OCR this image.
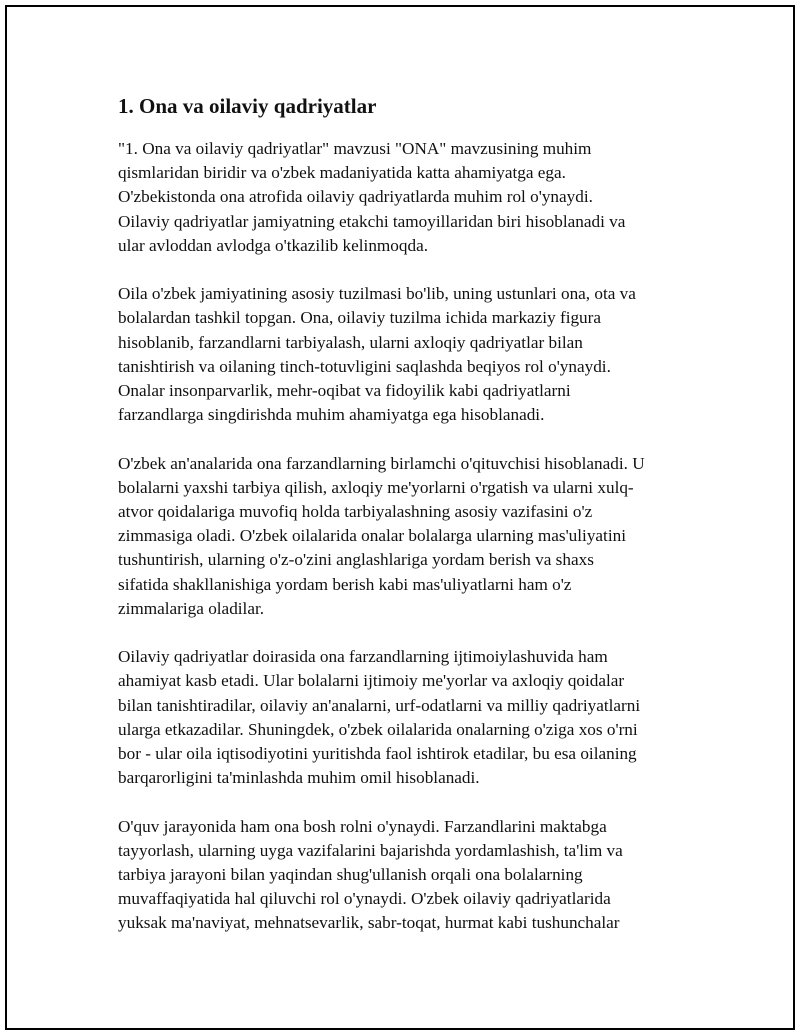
1. Ona va oilaviy qadriyatlar

"1. Ona va oilaviy qadriyatlar" mavzusi "ONA" mavzusining muhim
qismlaridan biridir va o'zbek madaniyatida katta ahamiyatga ega.
O'zbekistonda ona atrofida oilaviy qadriyatlarda muhim rol o'ynaydi.
Oilaviy qadriyatlar jamiyatning etakchi tamoyillaridan biri hisoblanadi va
ular avloddan avlodga o'tkazilib kelinmoqda.

Oila o'zbek jamiyatining asosiy tuzilmasi bo'lib, uning ustunlari ona, ota va
bolalardan tashkil topgan. Ona, oilaviy tuzilma ichida markaziy figura
hisoblanib, farzandlarni tarbiyalash, ularni axloqiy qadriyatlar bilan
tanishtirish va oilaning tinch-totuvligini saqlashda beqiyos rol o'ynaydi.
Onalar insonparvarlik, mehr-oqibat va fidoyilik kabi qadriyatlarni
farzandlarga singdirishda muhim ahamiyatga ega hisoblanadi.

O'zbek an'analarida ona farzandlarning birlamchi o'qituvchisi hisoblanadi. U
bolalarni yaxshi tarbiya qilish, axloqiy me'yorlarni o'rgatish va ularni xulq-
atvor qoidalariga muvofiq holda tarbiyalashning asosiy vazifasini o'z
zimmasiga oladi. O'zbek oilalarida onalar bolalarga ularning mas'uliyatini
tushuntirish, ularning o'z-o'zini anglashlariga yordam berish va shaxs
sifatida shakllanishiga yordam berish kabi mas'uliyatlarni ham o'z
zimmalariga oladilar.

Oilaviy qadriyatlar doirasida ona farzandlarning ijtimoiylashuvida ham
ahamiyat kasb etadi. Ular bolalarni ijtimoiy me'yorlar va axloqiy qoidalar
bilan tanishtiradilar, oilaviy an'analarni, urf-odatlarni va milliy qadriyatlarni
ularga etkazadilar. Shuningdek, o'zbek oilalarida onalarning o'ziga xos o'rni
bor - ular oila iqtisodiyotini yuritishda faol ishtirok etadilar, bu esa oilaning
barqarorligini ta'minlashda muhim omil hisoblanadi.

O'quv jarayonida ham ona bosh rolni o'ynaydi. Farzandlarini maktabga
tayyorlash, ularning uyga vazifalarini bajarishda yordamlashish, ta'lim va
tarbiya jarayoni bilan yaqindan shug'ullanish orqali ona bolalarning
muvaffaqiyatida hal qiluvchi rol o'ynaydi. O'zbek oilaviy qadriyatlarida
yuksak ma'naviyat, mehnatsevarlik, sabr-toqat, hurmat kabi tushunchalar
